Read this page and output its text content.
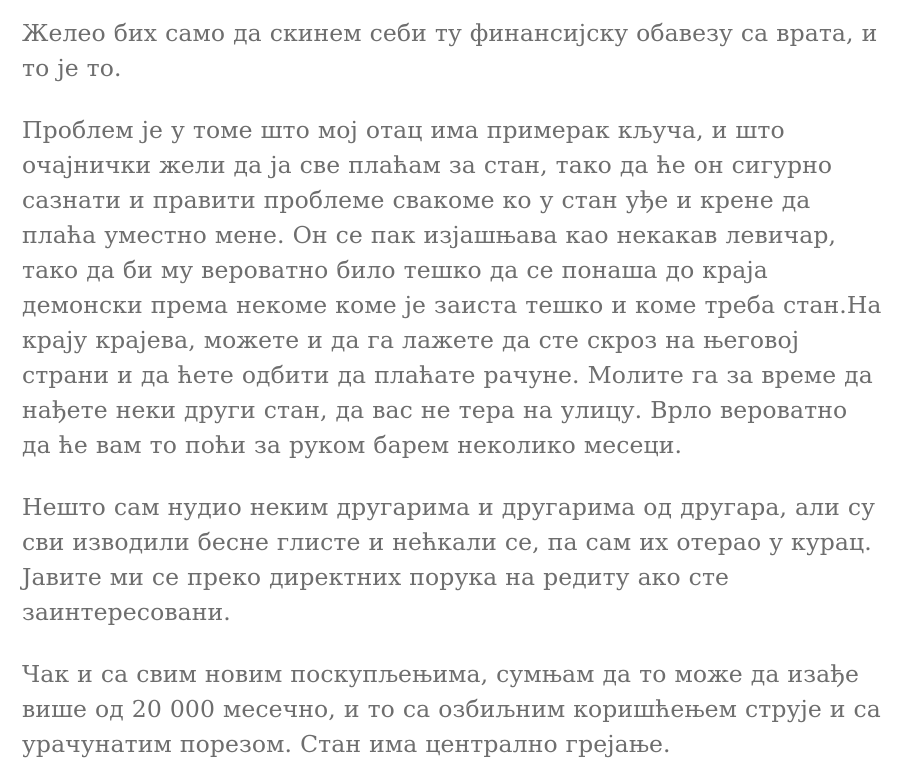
Желео бих само да скинем себи ту финансијску обавезу са врата, и то је то.

Проблем је у томе што мој отац има примерак кључа, и што очајнички жели да ја све плаћам за стан, тако да ће он сигурно сазнати и правити проблеме свакоме ко у стан уђе и крене да плаћа уместно мене. Он се пак изјашњава као некакав левичар, тако да би му вероватно било тешко да се понаша до краја демонски према некоме коме је заиста тешко и коме треба стан.На крају крајева, можете и да га лажете да сте скроз на његовој страни и да ћете одбити да плаћате рачуне. Молите га за време да нађете неки други стан, да вас не тера на улицу. Врло вероватно да ће вам то поћи за руком барем неколико месеци.

Нешто сам нудио неким другарима и другарима од другара, али су сви изводили бесне глисте и нећкали се, па сам их отерао у курац. Јавите ми се преко директних порука на редиту ако сте заинтересовани.

Чак и са свим новим поскупљењима, сумњам да то може да изађе више од 20 000 месечно, и то са озбиљним коришћењем струје и са урачунатим порезом. Стан има централно грејање.
